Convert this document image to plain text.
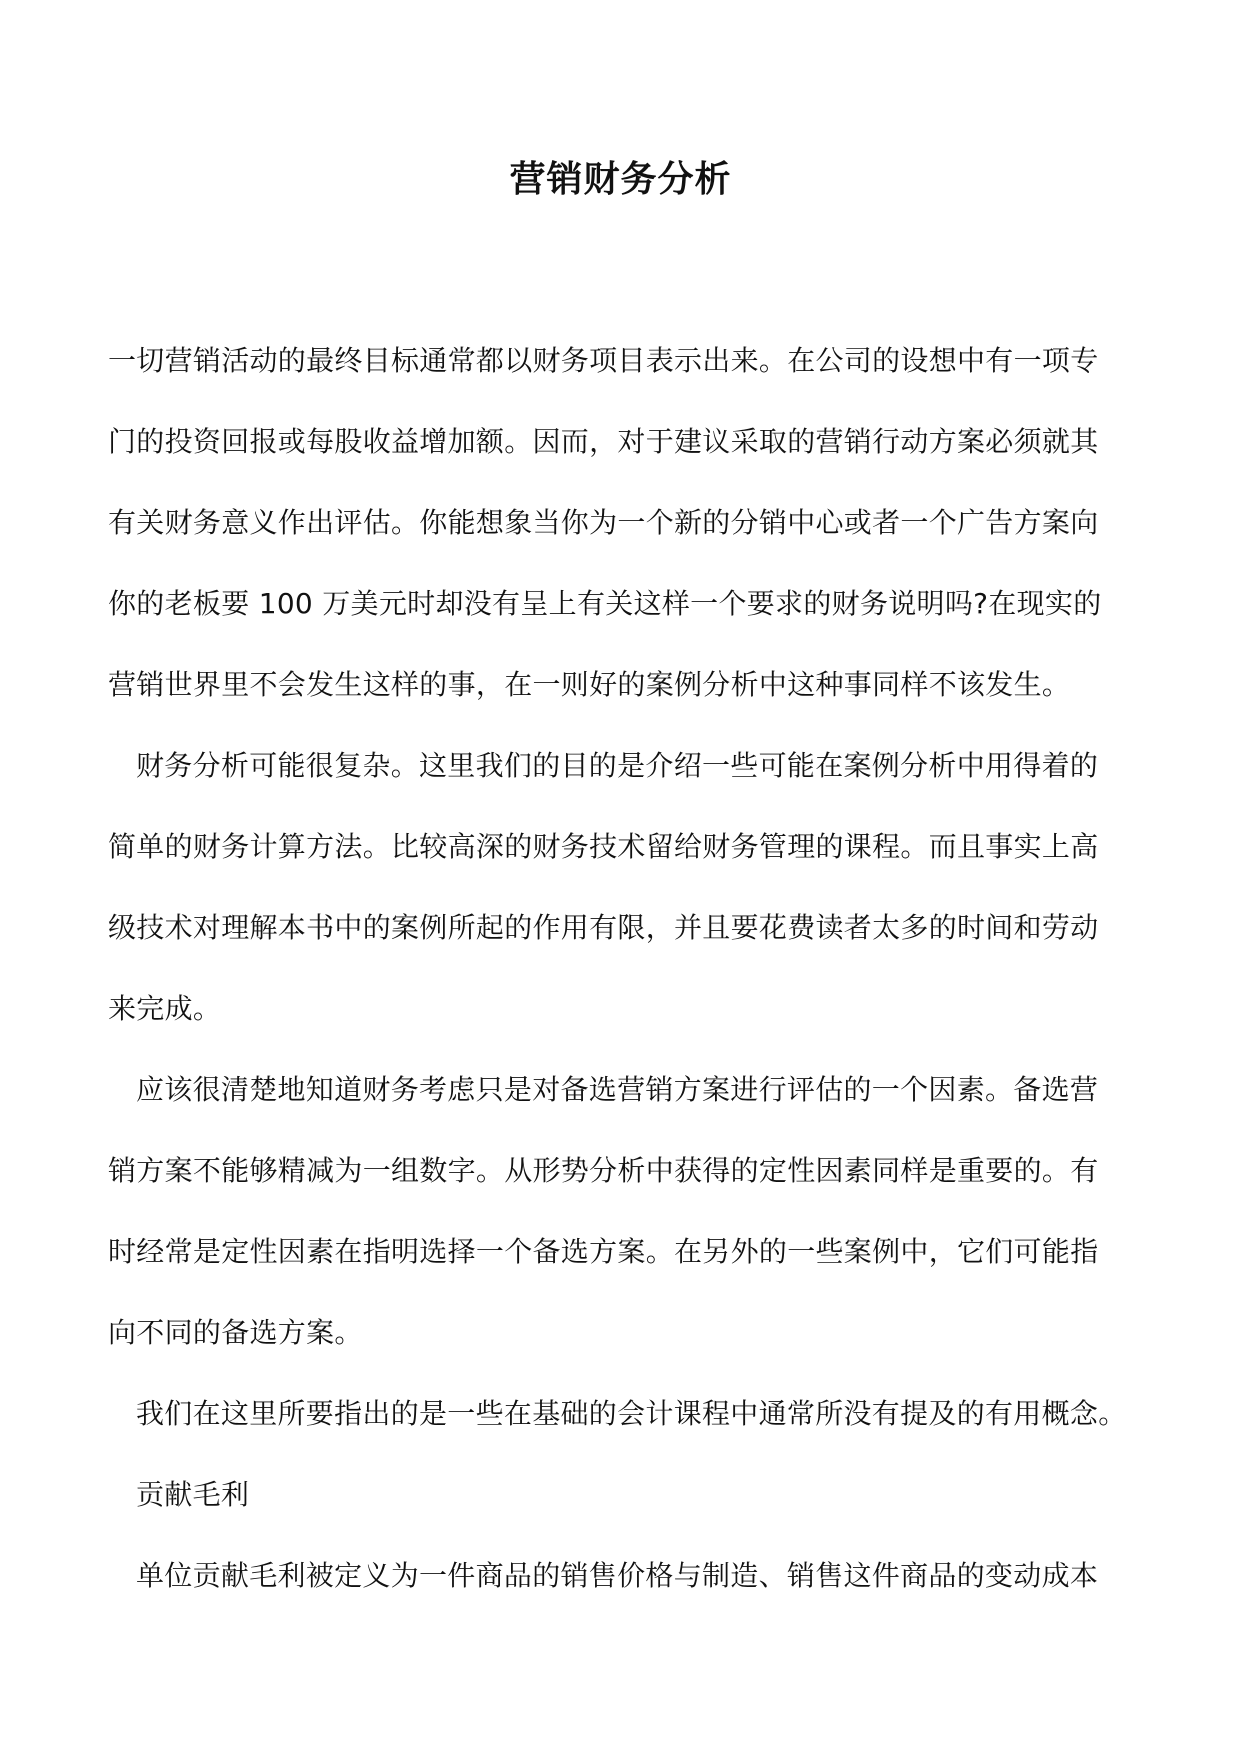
营销财务分析
一切营销活动的最终目标通常都以财务项目表示出来。在公司的设想中有一项专
门的投资回报或每股收益增加额。因而，对于建议采取的营销行动方案必须就其
有关财务意义作出评估。你能想象当你为一个新的分销中心或者一个广告方案向
你的老板要 100 万美元时却没有呈上有关这样一个要求的财务说明吗?在现实的
营销世界里不会发生这样的事，在一则好的案例分析中这种事同样不该发生。
财务分析可能很复杂。这里我们的目的是介绍一些可能在案例分析中用得着的
简单的财务计算方法。比较高深的财务技术留给财务管理的课程。而且事实上高
级技术对理解本书中的案例所起的作用有限，并且要花费读者太多的时间和劳动
来完成。
应该很清楚地知道财务考虑只是对备选营销方案进行评估的一个因素。备选营
销方案不能够精减为一组数字。从形势分析中获得的定性因素同样是重要的。有
时经常是定性因素在指明选择一个备选方案。在另外的一些案例中，它们可能指
向不同的备选方案。
我们在这里所要指出的是一些在基础的会计课程中通常所没有提及的有用概念。
贡献毛利
单位贡献毛利被定义为一件商品的销售价格与制造、销售这件商品的变动成本
